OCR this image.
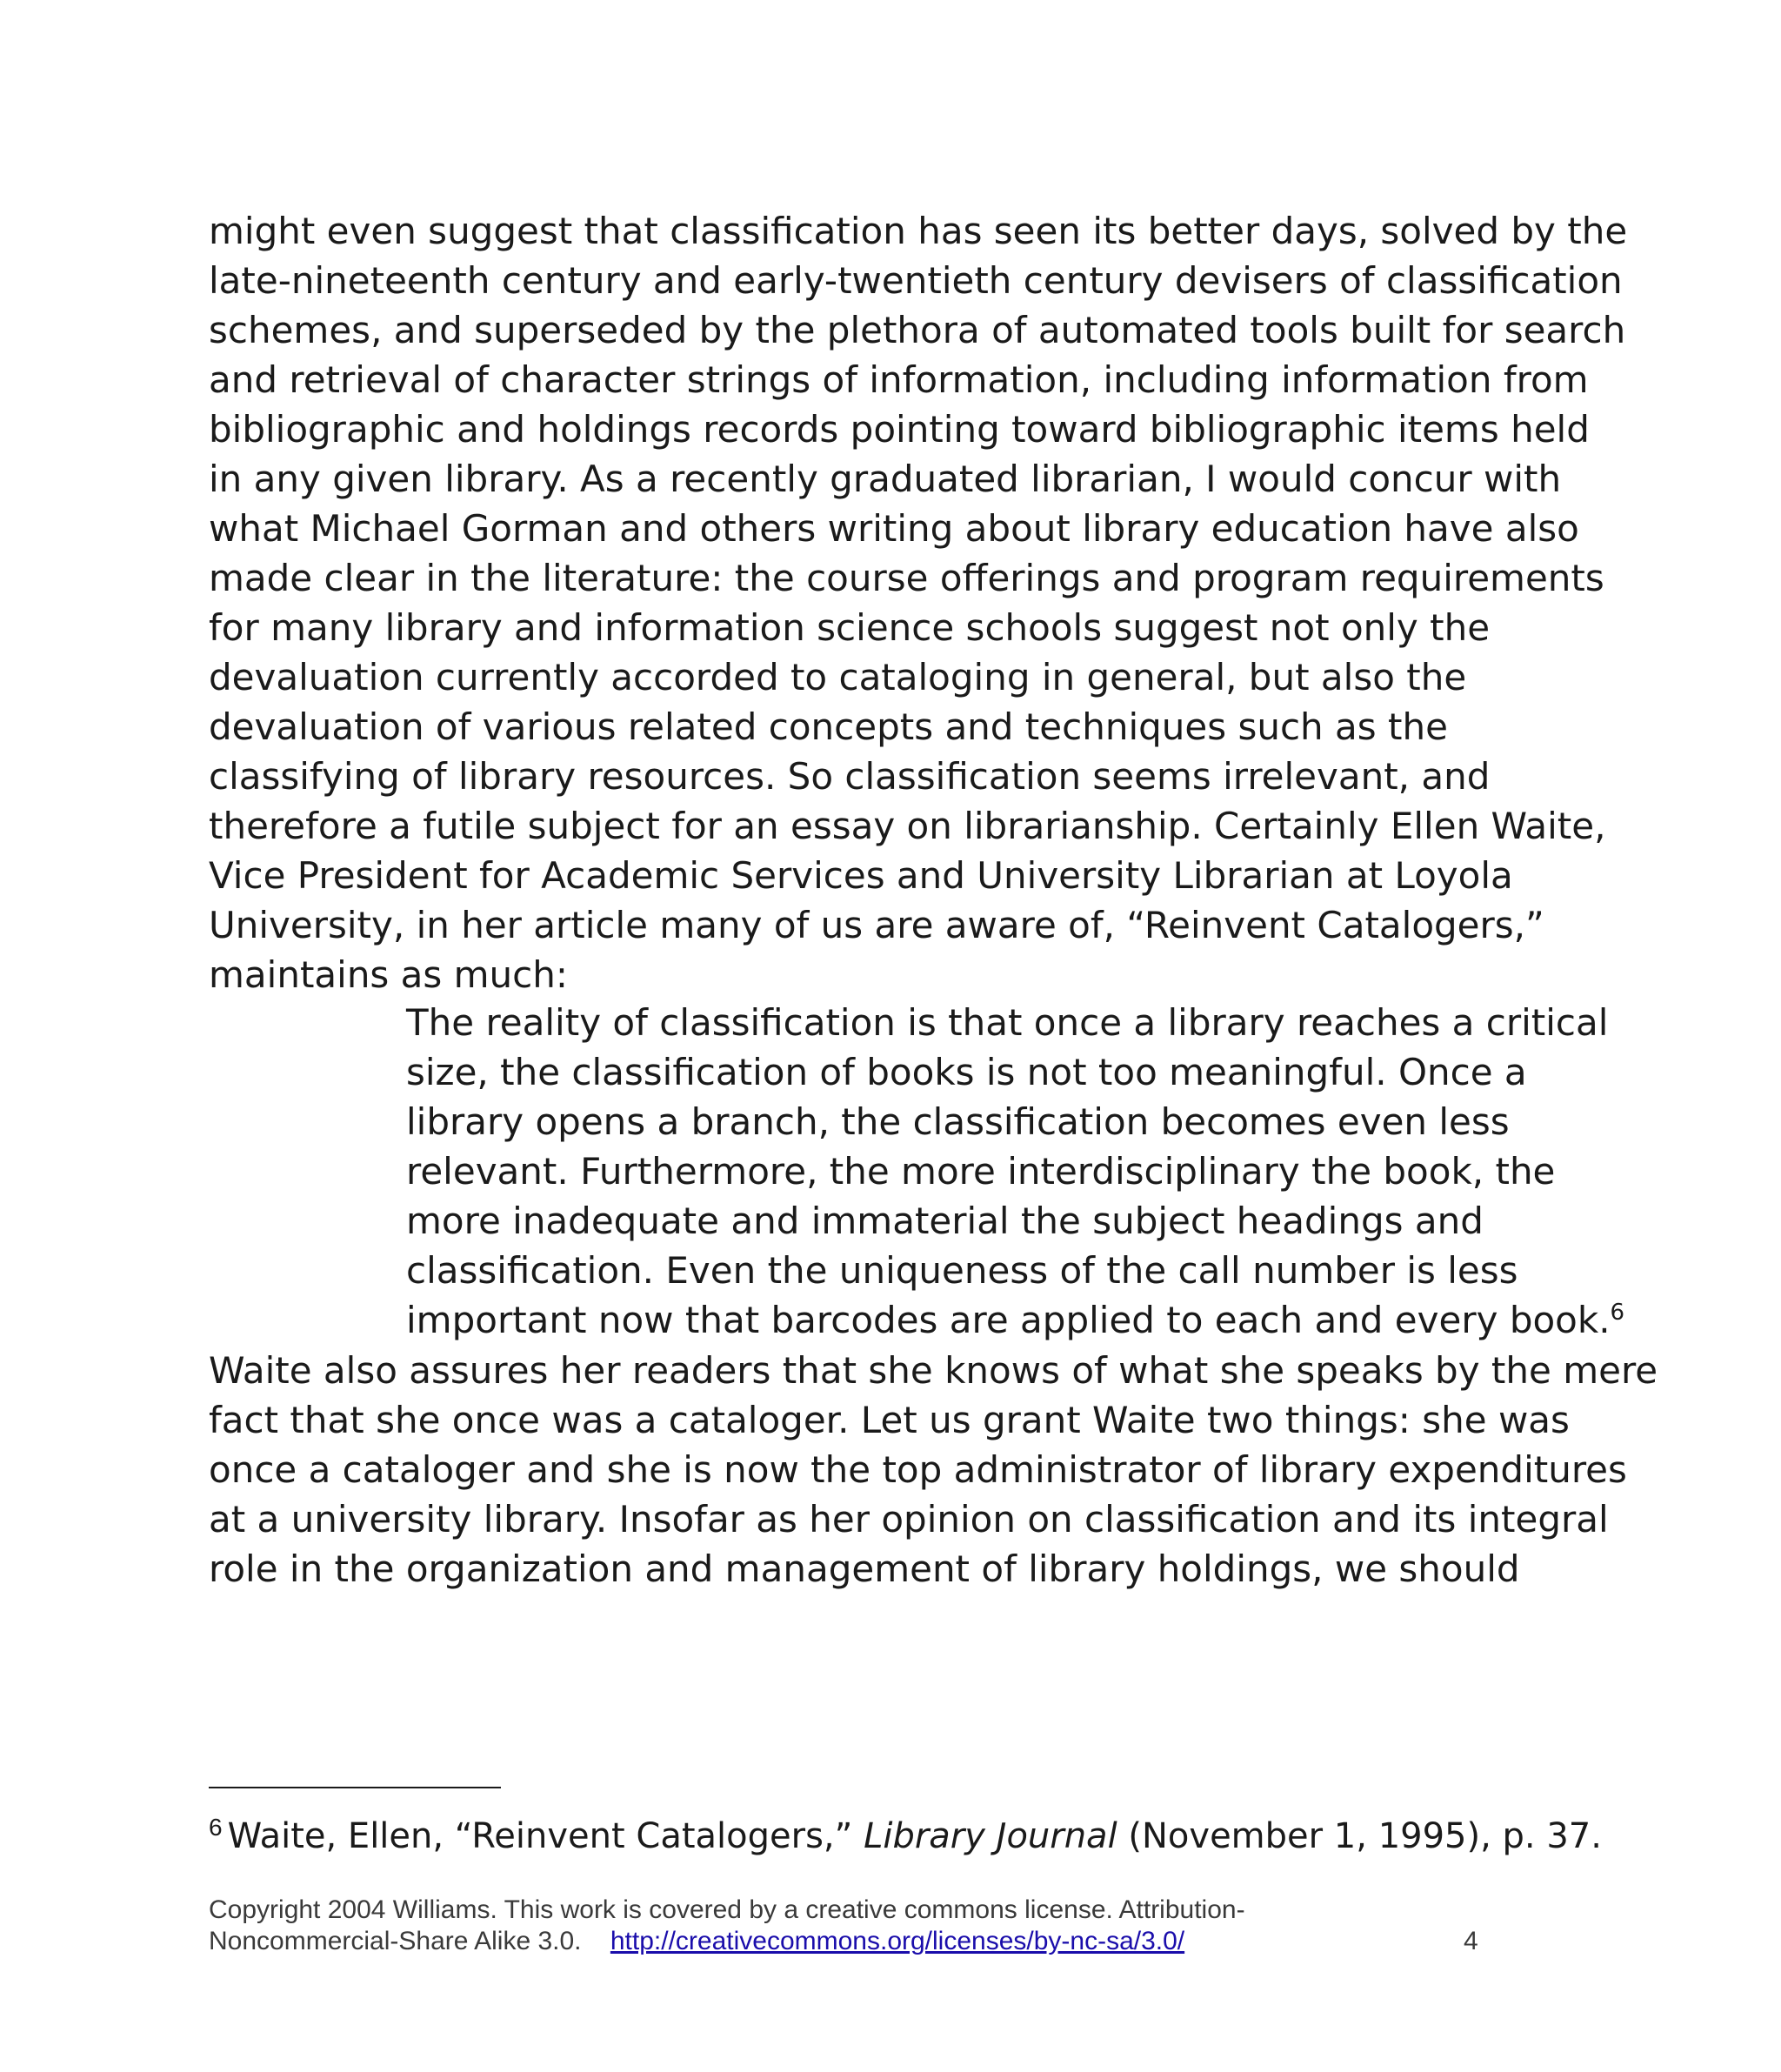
might even suggest that classification has seen its better days, solved by the
late-nineteenth century and early-twentieth century devisers of classification
schemes, and superseded by the plethora of automated tools built for search
and retrieval of character strings of information, including information from
bibliographic and holdings records pointing toward bibliographic items held
in any given library. As a recently graduated librarian, I would concur with
what Michael Gorman and others writing about library education have also
made clear in the literature: the course offerings and program requirements
for many library and information science schools suggest not only the
devaluation currently accorded to cataloging in general, but also the
devaluation of various related concepts and techniques such as the
classifying of library resources. So classification seems irrelevant, and
therefore a futile subject for an essay on librarianship. Certainly Ellen Waite,
Vice President for Academic Services and University Librarian at Loyola
University, in her article many of us are aware of, “Reinvent Catalogers,”
maintains as much:
The reality of classification is that once a library reaches a critical
size, the classification of books is not too meaningful. Once a
library opens a branch, the classification becomes even less
relevant. Furthermore, the more interdisciplinary the book, the
more inadequate and immaterial the subject headings and
classification. Even the uniqueness of the call number is less
important now that barcodes are applied to each and every book.$^6$
Waite also assures her readers that she knows of what she speaks by the mere
fact that she once was a cataloger. Let us grant Waite two things: she was
once a cataloger and she is now the top administrator of library expenditures
at a university library. Insofar as her opinion on classification and its integral
role in the organization and management of library holdings, we should
$^6$ Waite, Ellen, “Reinvent Catalogers,” Library Journal (November 1, 1995), p. 37.
Copyright 2004 Williams. This work is covered by a creative commons license. Attribution-
Noncommercial-Share Alike 3.0.    http://creativecommons.org/licenses/by-nc-sa/3.0/	4
